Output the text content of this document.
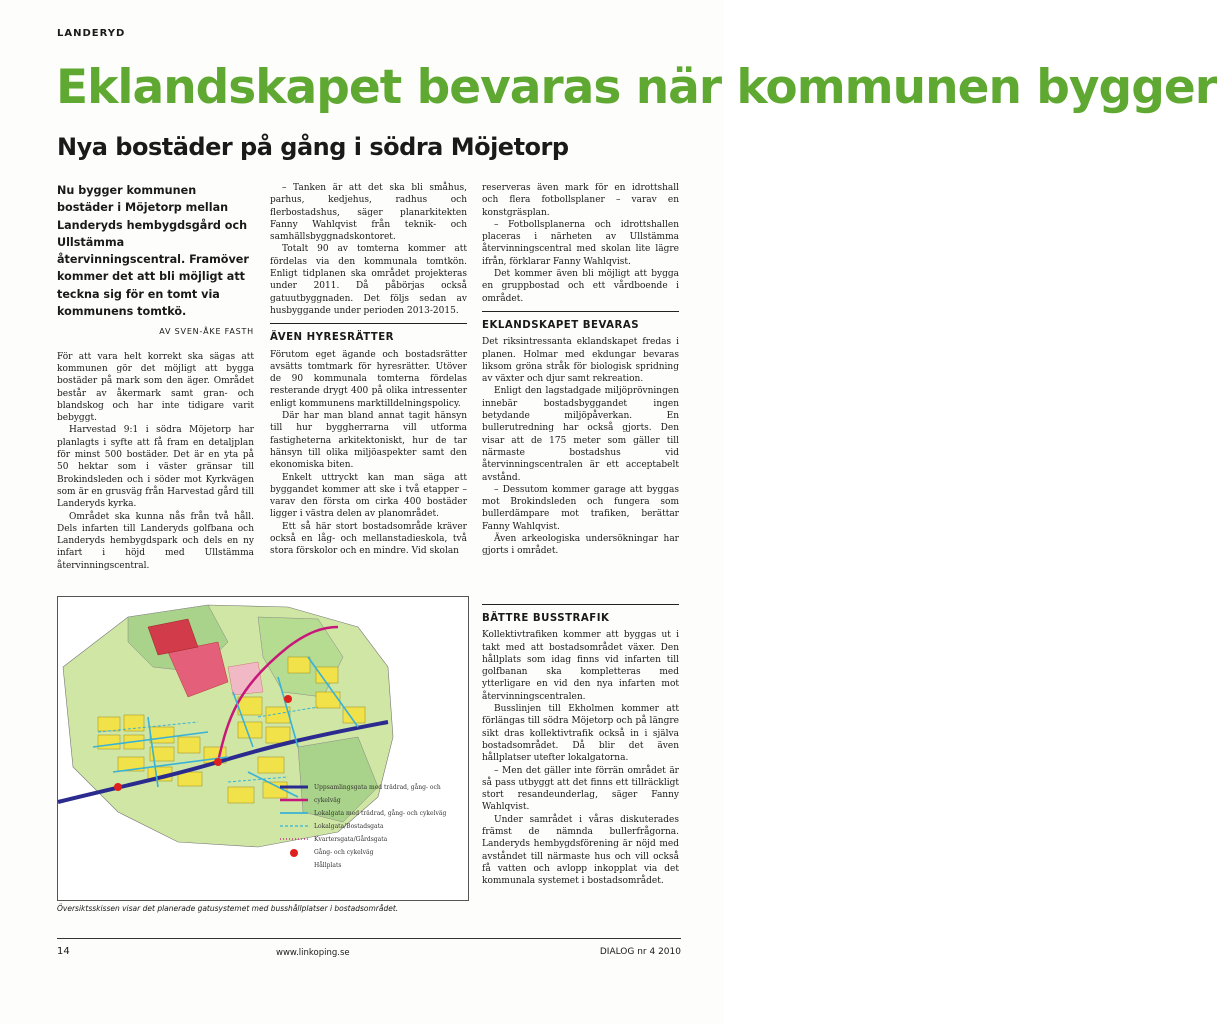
LANDERYD
Eklandskapet bevaras när kommunen bygger
Nya bostäder på gång i södra Möjetorp
Nu bygger kommunen bostäder i Möjetorp mellan Landeryds hembygdsgård och Ullstämma återvinningscentral. Framöver kommer det att bli möjligt att teckna sig för en tomt via kommunens tomtkö.
AV SVEN-ÅKE FASTH

För att vara helt korrekt ska sägas att kommunen gör det möjligt att bygga bostäder på mark som den äger. Området består av åkermark samt gran- och blandskog och har inte tidigare varit bebyggt.

Harvestad 9:1 i södra Möjetorp har planlagts i syfte att få fram en detaljplan för minst 500 bostäder. Det är en yta på 50 hektar som i väster gränsar till Brokindsleden och i söder mot Kyrkvägen som är en grusväg från Harvestad gård till Landeryds kyrka.

Området ska kunna nås från två håll. Dels infarten till Landeryds golfbana och Landeryds hembygdspark och dels en ny infart i höjd med Ullstämma återvinningscentral.

– Tanken är att det ska bli småhus, parhus, kedjehus, radhus och flerbostadshus, säger planarkitekten Fanny Wahlqvist från teknik- och samhällsbyggnadskontoret.

Totalt 90 av tomterna kommer att fördelas via den kommunala tomtkön. Enligt tidplanen ska området projekteras under 2011. Då påbörjas också gatuutbyggnaden. Det följs sedan av husbyggande under perioden 2013-2015.

ÄVEN HYRESRÄTTER

Förutom eget ägande och bostadsrätter avsätts tomtmark för hyresrätter. Utöver de 90 kommunala tomterna fördelas resterande drygt 400 på olika intressenter enligt kommunens marktilldelningspolicy.

Där har man bland annat tagit hänsyn till hur byggherrarna vill utforma fastigheterna arkitektoniskt, hur de tar hänsyn till olika miljöaspekter samt den ekonomiska biten.

Enkelt uttryckt kan man säga att byggandet kommer att ske i två etapper – varav den första om cirka 400 bostäder ligger i västra delen av planområdet.

Ett så här stort bostadsområde kräver också en låg- och mellanstadieskola, två stora förskolor och en mindre. Vid skolan

reserveras även mark för en idrottshall och flera fotbollsplaner – varav en konstgräsplan.

– Fotbollsplanerna och idrottshallen placeras i närheten av Ullstämma återvinningscentral med skolan lite lägre ifrån, förklarar Fanny Wahlqvist.

Det kommer även bli möjligt att bygga en gruppbostad och ett vårdboende i området.

EKLANDSKAPET BEVARAS

Det riksintressanta eklandskapet fredas i planen. Holmar med ekdungar bevaras liksom gröna stråk för biologisk spridning av växter och djur samt rekreation.

Enligt den lagstadgade miljöprövningen innebär bostadsbyggandet ingen betydande miljöpåverkan. En bullerutredning har också gjorts. Den visar att de 175 meter som gäller till närmaste bostadshus vid återvinningscentralen är ett acceptabelt avstånd.

– Dessutom kommer garage att byggas mot Brokindsleden och fungera som bullerdämpare mot trafiken, berättar Fanny Wahlqvist.

Även arkeologiska undersökningar har gjorts i området.

BÄTTRE BUSSTRAFIK

Kollektivtrafiken kommer att byggas ut i takt med att bostadsområdet växer. Den hållplats som idag finns vid infarten till golfbanan ska kompletteras med ytterligare en vid den nya infarten mot återvinningscentralen.

Busslinjen till Ekholmen kommer att förlängas till södra Möjetorp och på längre sikt dras kollektivtrafik också in i själva bostadsområdet. Då blir det även hållplatser utefter lokalgatorna.

– Men det gäller inte förrän området är så pass utbyggt att det finns ett tillräckligt stort resandeunderlag, säger Fanny Wahlqvist.

Under samrådet i våras diskuterades främst de nämnda bullerfrågorna. Landeryds hembygdsförening är nöjd med avståndet till närmaste hus och vill också få vatten och avlopp inkopplat via det kommunala systemet i bostadsområdet.

Uppsamlingsgata med trädrad, gång- och cykelväg
Lokalgata med trädrad, gång- och cykelväg
Lokalgata/Bostadsgata
Kvartersgata/Gårdsgata
Gång- och cykelväg
Hållplats
Översiktsskissen visar det planerade gatusystemet med busshållplatser i bostadsområdet.
14	www.linkoping.se	DIALOG nr 4 2010
